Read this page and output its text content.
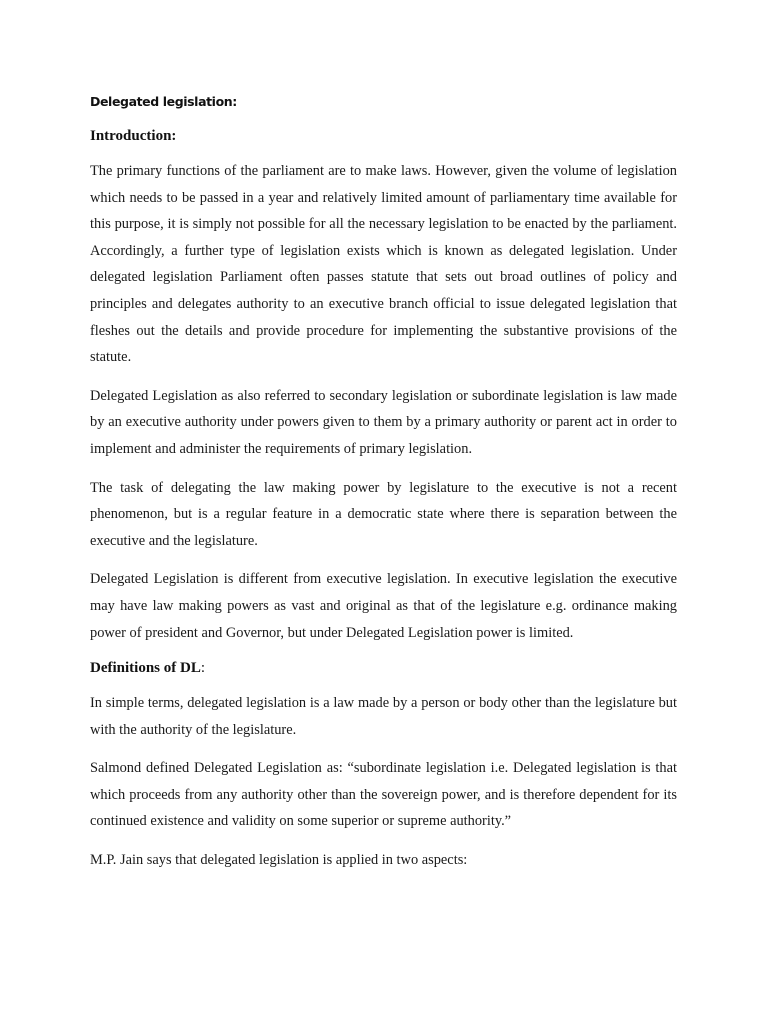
Delegated legislation:
Introduction:

The primary functions of the parliament are to make laws. However, given the volume of legislation which needs to be passed in a year and relatively limited amount of parliamentary time available for this purpose, it is simply not possible for all the necessary legislation to be enacted by the parliament. Accordingly, a further type of legislation exists which is known as delegated legislation. Under delegated legislation Parliament often passes statute that sets out broad outlines of policy and principles and delegates authority to an executive branch official to issue delegated legislation that fleshes out the details and provide procedure for implementing the substantive provisions of the statute.

Delegated Legislation as also referred to secondary legislation or subordinate legislation is law made by an executive authority under powers given to them by a primary authority or parent act in order to implement and administer the requirements of primary legislation.

The task of delegating the law making power by legislature to the executive is not a recent phenomenon, but is a regular feature in a democratic state where there is separation between the executive and the legislature.

Delegated Legislation is different from executive legislation. In executive legislation the executive may have law making powers as vast and original as that of the legislature e.g. ordinance making power of president and Governor, but under Delegated Legislation power is limited.

Definitions of DL:

In simple terms, delegated legislation is a law made by a person or body other than the legislature but with the authority of the legislature.

Salmond defined Delegated Legislation as: “subordinate legislation i.e. Delegated legislation is that which proceeds from any authority other than the sovereign power, and is therefore dependent for its continued existence and validity on some superior or supreme authority.”

M.P. Jain says that delegated legislation is applied in two aspects:
